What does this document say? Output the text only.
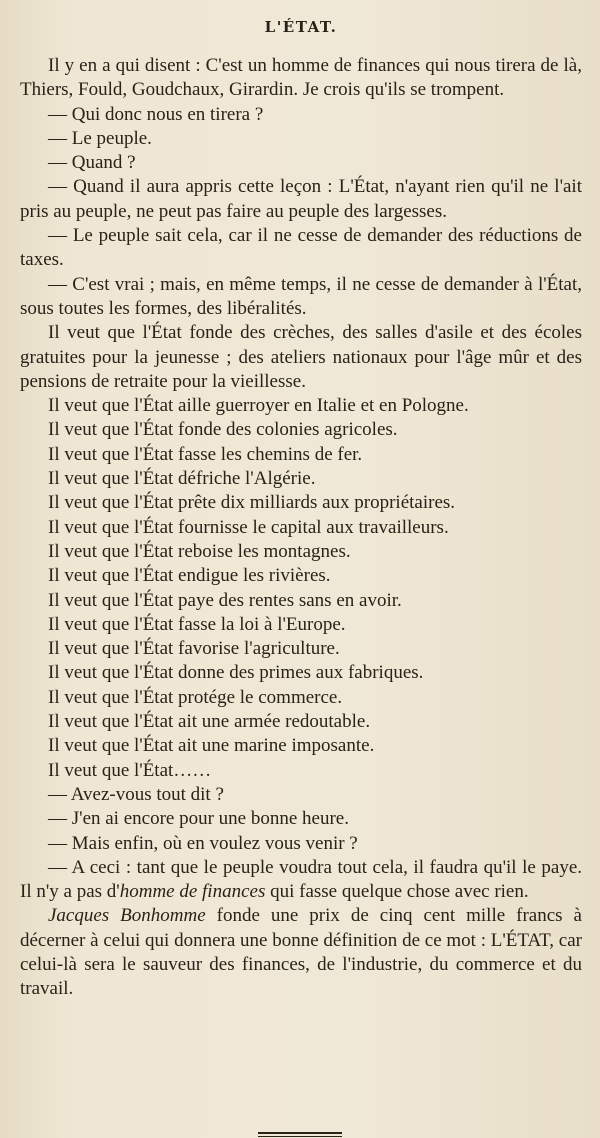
L'ÉTAT.

Il y en a qui disent : C'est un homme de finances qui nous tirera de là, Thiers, Fould, Goudchaux, Girardin. Je crois qu'ils se trompent.

— Qui donc nous en tirera ?

— Le peuple.

— Quand ?

— Quand il aura appris cette leçon : L'État, n'ayant rien qu'il ne l'ait pris au peuple, ne peut pas faire au peuple des largesses.

— Le peuple sait cela, car il ne cesse de demander des réductions de taxes.

— C'est vrai ; mais, en même temps, il ne cesse de demander à l'État, sous toutes les formes, des libéralités.

Il veut que l'État fonde des crèches, des salles d'asile et des écoles gratuites pour la jeunesse ; des ateliers nationaux pour l'âge mûr et des pensions de retraite pour la vieillesse.

Il veut que l'État aille guerroyer en Italie et en Pologne.

Il veut que l'État fonde des colonies agricoles.

Il veut que l'État fasse les chemins de fer.

Il veut que l'État défriche l'Algérie.

Il veut que l'État prête dix milliards aux propriétaires.

Il veut que l'État fournisse le capital aux travailleurs.

Il veut que l'État reboise les montagnes.

Il veut que l'État endigue les rivières.

Il veut que l'État paye des rentes sans en avoir.

Il veut que l'État fasse la loi à l'Europe.

Il veut que l'État favorise l'agriculture.

Il veut que l'État donne des primes aux fabriques.

Il veut que l'État protége le commerce.

Il veut que l'État ait une armée redoutable.

Il veut que l'État ait une marine imposante.

Il veut que l'État……

— Avez-vous tout dit ?

— J'en ai encore pour une bonne heure.

— Mais enfin, où en voulez vous venir ?

— A ceci : tant que le peuple voudra tout cela, il faudra qu'il le paye. Il n'y a pas d'homme de finances qui fasse quelque chose avec rien.

Jacques Bonhomme fonde une prix de cinq cent mille francs à décerner à celui qui donnera une bonne définition de ce mot : L'ÉTAT, car celui-là sera le sauveur des finances, de l'industrie, du commerce et du travail.
